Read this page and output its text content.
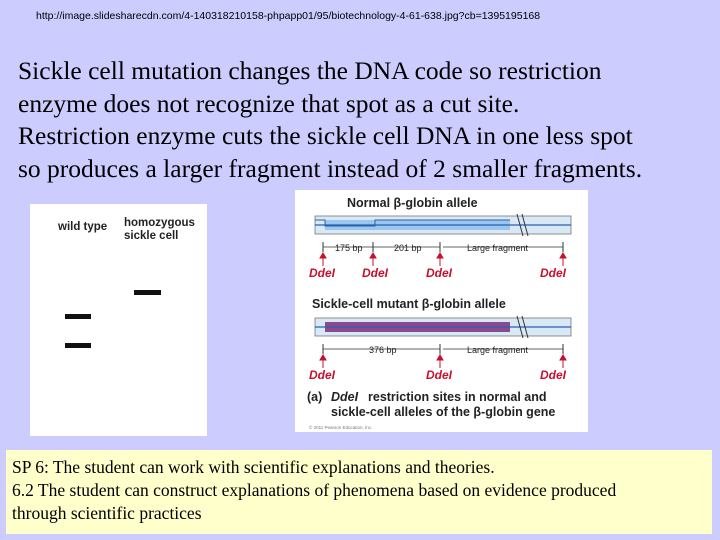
http://image.slidesharecdn.com/4-140318210158-phpapp01/95/biotechnology-4-61-638.jpg?cb=1395195168
Sickle cell mutation changes the DNA code so restriction
enzyme does not recognize that spot as a cut site.
Restriction enzyme cuts the sickle cell DNA in one less spot
so produces a larger fragment instead of 2 smaller fragments.
wild type homozygous
sickle cell
Normal β-globin allele
175 bp	201 bp	Large fragment
DdeI DdeI	DdeI	DdeI
Sickle-cell mutant β-globin allele
376 bp	Large fragment
DdeI	DdeI	DdeI
(a) DdeI restriction sites in normal and
sickle-cell alleles of the β-globin gene
© 2011 Pearson Education, Inc.
SP 6: The student can work with scientific explanations and theories.
6.2 The student can construct explanations of phenomena based on evidence produced
through scientific practices
